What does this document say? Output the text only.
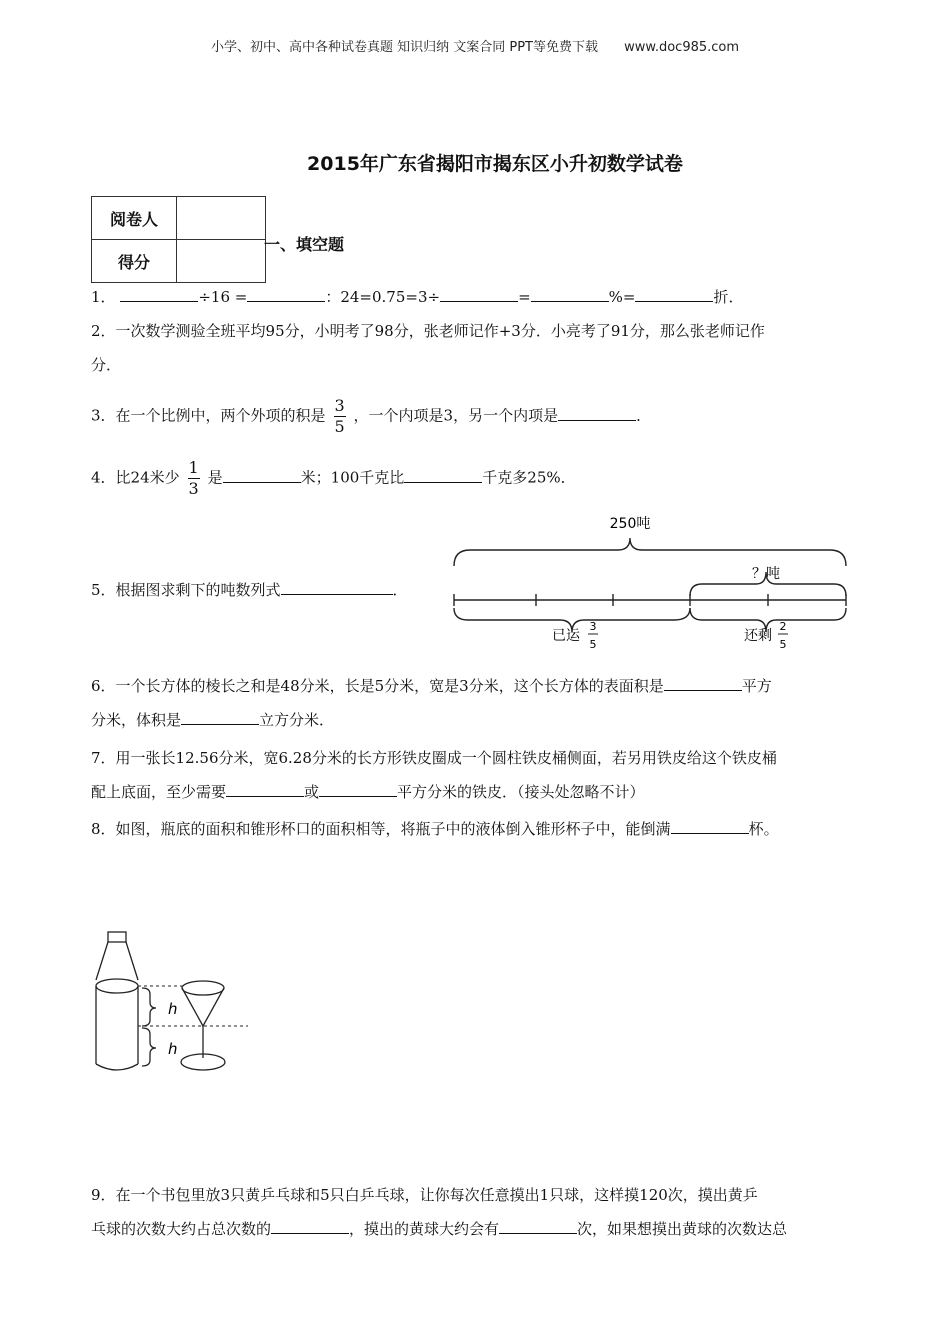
小学、初中、高中各种试卷真题 知识归纳 文案合同 PPT等免费下载 www.doc985.com
2015年广东省揭阳市揭东区小升初数学试卷
阅卷人	
得分	
一、填空题
1．	÷16 =	：24=0.75=3÷	=	%=	折．
2．一次数学测验全班平均95分，小明考了98分，张老师记作+3分．小亮考了91分，那么张老师记作
分．
3．在一个比例中，两个外项的积是 $\frac{3}{5}$ ，一个内项是3，另一个内项是	．
4．比24米少 $\frac{1}{3}$ 是	米；100千克比	千克多25%．
5．根据图求剩下的吨数列式	．
250吨
？吨
已运
3
5
还剩
2
5
6．一个长方体的棱长之和是48分米，长是5分米，宽是3分米，这个长方体的表面积是	平方
分米，体积是	立方分米．
7．用一张长12.56分米，宽6.28分米的长方形铁皮圈成一个圆柱铁皮桶侧面，若另用铁皮给这个铁皮桶
配上底面，至少需要	或	平方分米的铁皮．（接头处忽略不计）
8．如图，瓶底的面积和锥形杯口的面积相等，将瓶子中的液体倒入锥形杯子中，能倒满	杯。
h
h
9．在一个书包里放3只黄乒乓球和5只白乒乓球，让你每次任意摸出1只球，这样摸120次，摸出黄乒
乓球的次数大约占总次数的	，摸出的黄球大约会有	次，如果想摸出黄球的次数达总
